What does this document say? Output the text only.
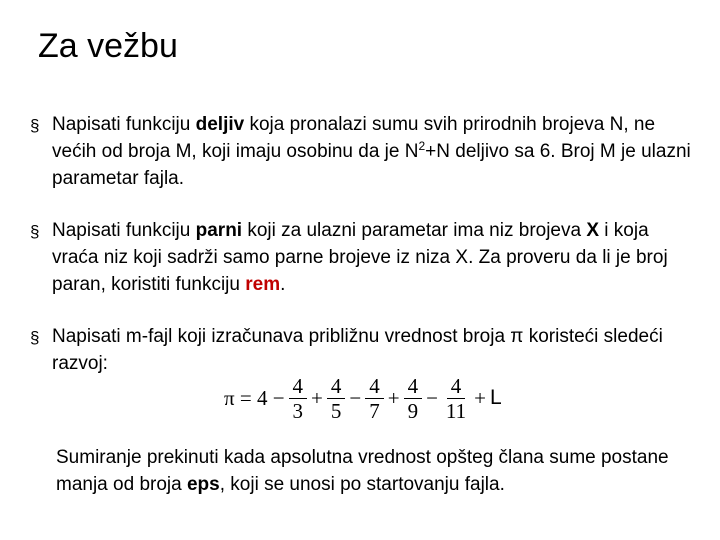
Za vežbu
§ Napisati funkciju deljiv koja pronalazi sumu svih prirodnih brojeva N, ne većih od broja M, koji imaju osobinu da je $N^2+N$ deljivo sa 6. Broj M je ulazni parametar fajla.

§ Napisati funkciju parni koji za ulazni parametar ima niz brojeva X i koja vraća niz koji sadrži samo parne brojeve iz niza X. Za proveru da li je broj paran, koristiti funkciju rem.

§ Napisati m-fajl koji izračunava približnu vrednost broja π koristeći sledeći razvoj:

$\pi = 4 - \frac{4}{3} + \frac{4}{5} - \frac{4}{7} + \frac{4}{9} - \frac{4}{11} + L$

Sumiranje prekinuti kada apsolutna vrednost opšteg člana sume postane manja od broja eps, koji se unosi po startovanju fajla.
